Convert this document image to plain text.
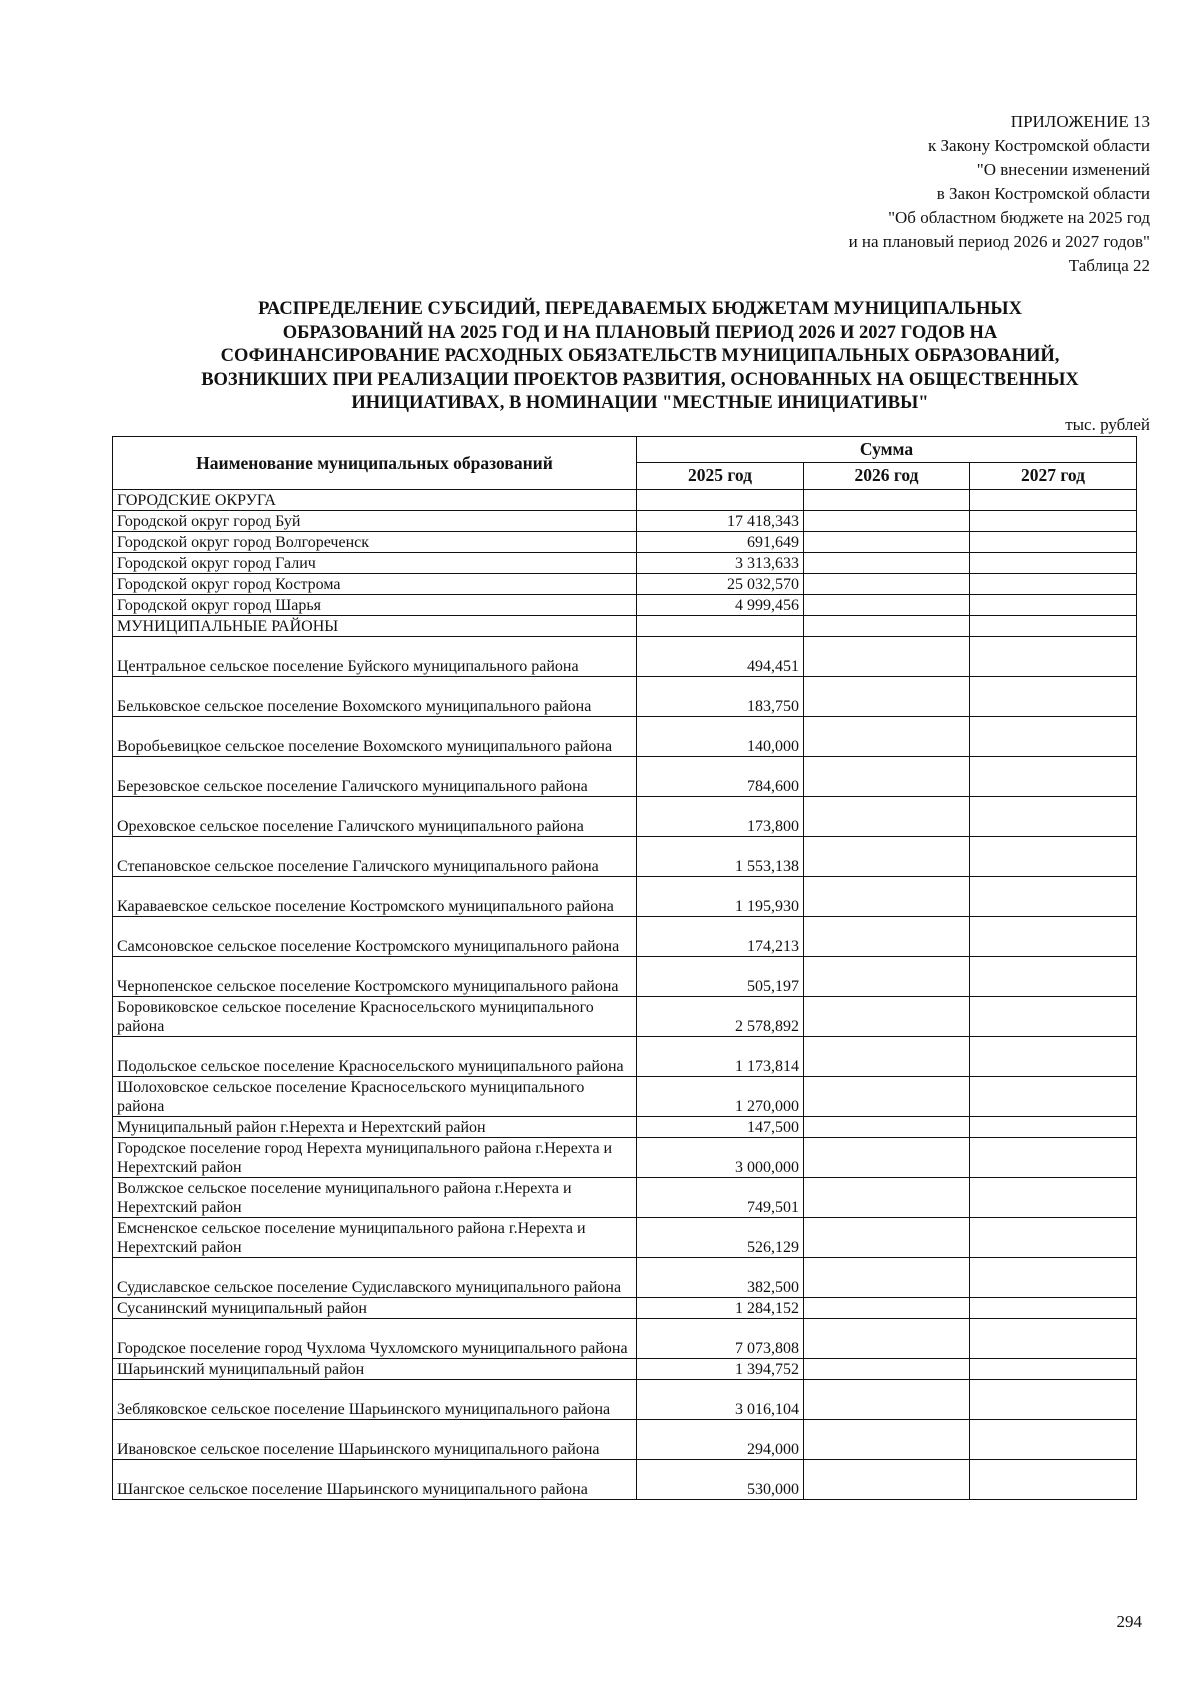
ПРИЛОЖЕНИЕ 13
к Закону Костромской области
"О внесении изменений
в Закон Костромской области
"Об областном бюджете на 2025 год
и на плановый период 2026 и 2027 годов"
Таблица 22
РАСПРЕДЕЛЕНИЕ СУБСИДИЙ, ПЕРЕДАВАЕМЫХ БЮДЖЕТАМ МУНИЦИПАЛЬНЫХ
ОБРАЗОВАНИЙ НА 2025 ГОД И НА ПЛАНОВЫЙ ПЕРИОД 2026 И 2027 ГОДОВ НА
СОФИНАНСИРОВАНИЕ РАСХОДНЫХ ОБЯЗАТЕЛЬСТВ МУНИЦИПАЛЬНЫХ ОБРАЗОВАНИЙ,
ВОЗНИКШИХ ПРИ РЕАЛИЗАЦИИ ПРОЕКТОВ РАЗВИТИЯ, ОСНОВАННЫХ НА ОБЩЕСТВЕННЫХ
ИНИЦИАТИВАХ, В НОМИНАЦИИ "МЕСТНЫЕ ИНИЦИАТИВЫ"
тыс. рублей
Наименование муниципальных образований	Сумма		
	2025 год	2026 год	2027 год
ГОРОДСКИЕ ОКРУГА			
Городской округ город Буй	17 418,343		
Городской округ город Волгореченск	691,649		
Городской округ город Галич	3 313,633		
Городской округ город Кострома	25 032,570		
Городской округ город Шарья	4 999,456		
МУНИЦИПАЛЬНЫЕ РАЙОНЫ			
Центральное сельское поселение Буйского муниципального района	494,451		
Бельковское сельское поселение Вохомского муниципального района	183,750		
Воробьевицкое сельское поселение Вохомского муниципального района	140,000		
Березовское сельское поселение Галичского муниципального района	784,600		
Ореховское сельское поселение Галичского муниципального района	173,800		
Степановское сельское поселение Галичского муниципального района	1 553,138		
Караваевское сельское поселение Костромского муниципального района	1 195,930		
Самсоновское сельское поселение Костромского муниципального района	174,213		
Чернопенское сельское поселение Костромского муниципального района	505,197		
Боровиковское сельское поселение Красносельского муниципального района	2 578,892		
Подольское сельское поселение Красносельского муниципального района	1 173,814		
Шолоховское сельское поселение Красносельского муниципального района	1 270,000		
Муниципальный район г.Нерехта и Нерехтский район	147,500		
Городское поселение город Нерехта муниципального района г.Нерехта и Нерехтский район	3 000,000		
Волжское сельское поселение муниципального района г.Нерехта и Нерехтский район	749,501		
Емсненское сельское поселение муниципального района г.Нерехта и Нерехтский район	526,129		
Судиславское сельское поселение Судиславского муниципального района	382,500		
Сусанинский муниципальный район	1 284,152		
Городское поселение город Чухлома Чухломского муниципального района	7 073,808		
Шарьинский муниципальный район	1 394,752		
Зебляковское сельское поселение Шарьинского муниципального района	3 016,104		
Ивановское сельское поселение Шарьинского муниципального района	294,000		
Шангское сельское поселение Шарьинского муниципального района	530,000		
294
